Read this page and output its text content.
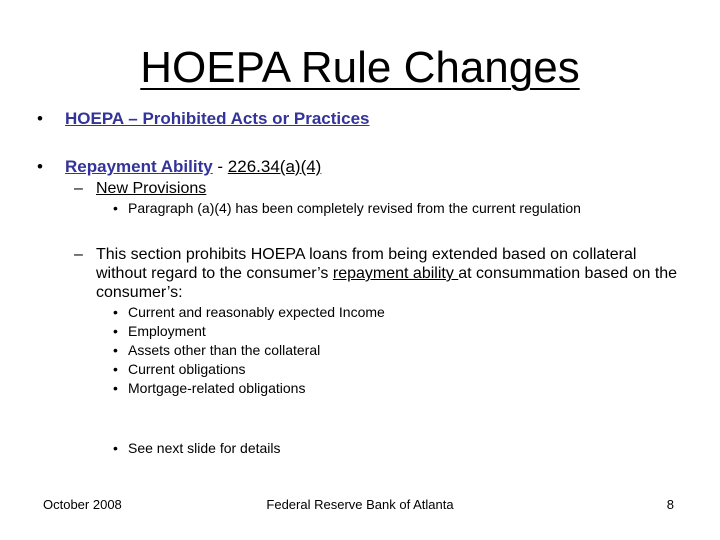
HOEPA Rule Changes
• HOEPA – Prohibited Acts or Practices
• Repayment Ability - 226.34(a)(4)
– New Provisions
• Paragraph (a)(4) has been completely revised from the current regulation
– This section prohibits HOEPA loans from being extended based on collateral without regard to the consumer’s repayment ability at consummation based on the consumer’s:
• Current and reasonably expected Income
• Employment
• Assets other than the collateral
• Current obligations
• Mortgage-related obligations
• See next slide for details
October 2008	Federal Reserve Bank of Atlanta	8
